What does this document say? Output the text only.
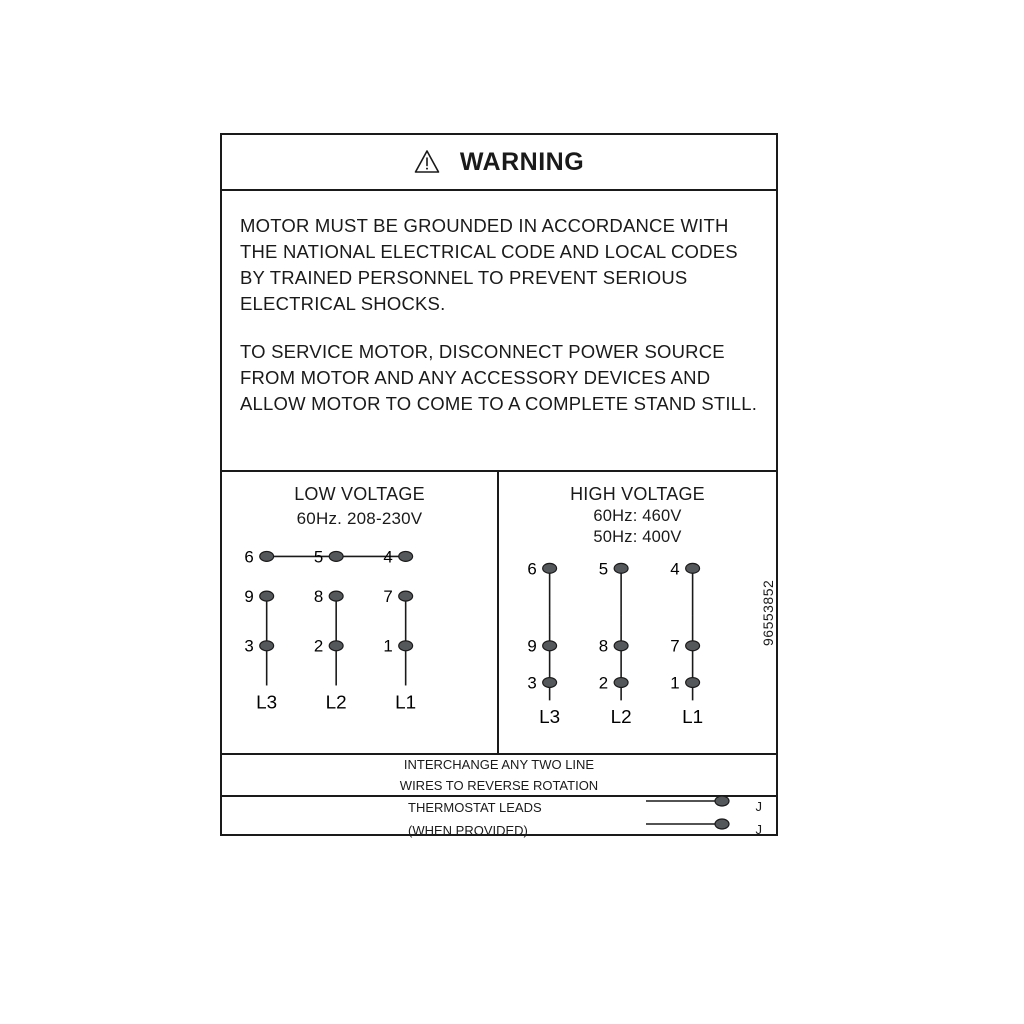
WARNING

MOTOR MUST BE GROUNDED IN ACCORDANCE WITH THE NATIONAL ELECTRICAL CODE AND LOCAL CODES BY TRAINED PERSONNEL TO PREVENT SERIOUS ELECTRICAL SHOCKS.

TO SERVICE MOTOR, DISCONNECT POWER SOURCE FROM MOTOR AND ANY ACCESSORY DEVICES AND ALLOW MOTOR TO COME TO A COMPLETE STAND STILL.

LOW VOLTAGE
60Hz. 208-230V
6	5	4
9	8	7
3	2	1
L3	L2	L1
HIGH VOLTAGE
60Hz: 460V
50Hz: 400V
6	5	4
9	8	7
3	2	1
L3	L2	L1
INTERCHANGE ANY TWO LINE
WIRES TO REVERSE ROTATION
THERMOSTAT LEADS
(WHEN PROVIDED)
J
J
96553852
